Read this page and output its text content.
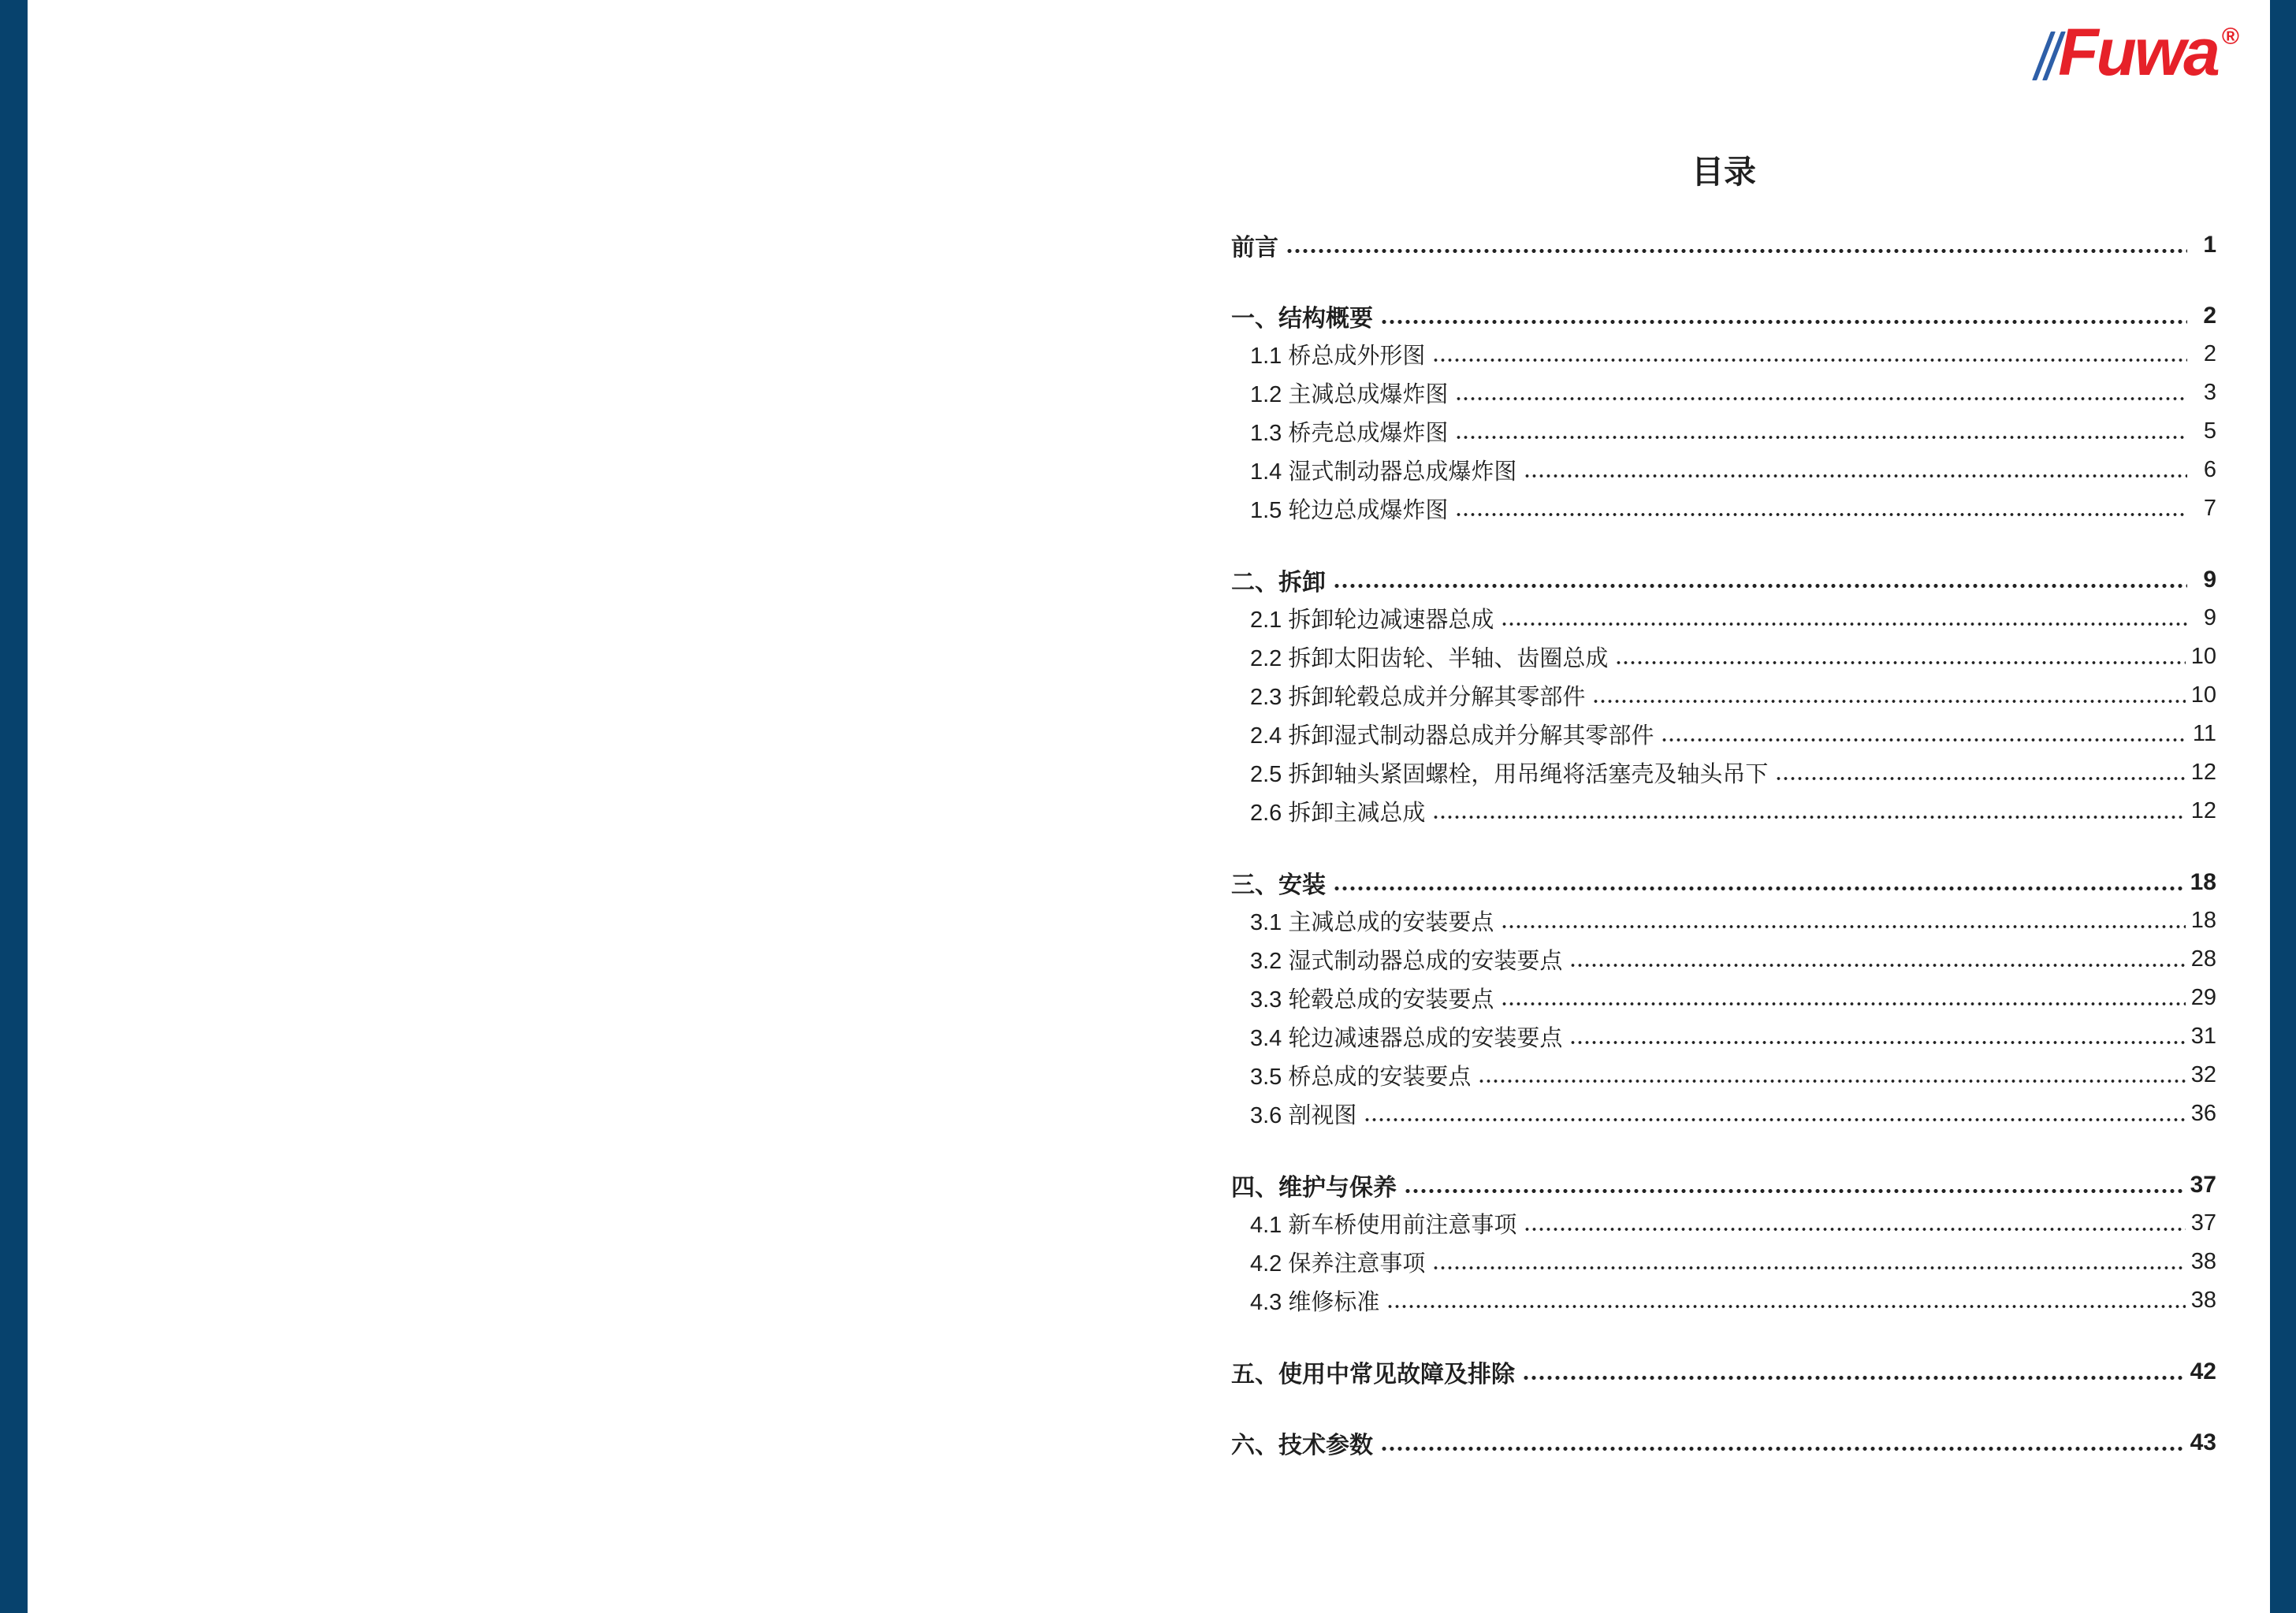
Fuwa ®
目录
前言	1
一、结构概要	2
1.1 桥总成外形图	2
1.2 主减总成爆炸图	3
1.3 桥壳总成爆炸图	5
1.4 湿式制动器总成爆炸图	6
1.5 轮边总成爆炸图	7
二、拆卸	9
2.1 拆卸轮边减速器总成	9
2.2 拆卸太阳齿轮、半轴、齿圈总成	10
2.3 拆卸轮毂总成并分解其零部件	10
2.4 拆卸湿式制动器总成并分解其零部件	11
2.5 拆卸轴头紧固螺栓，用吊绳将活塞壳及轴头吊下	12
2.6 拆卸主减总成	12
三、安装	18
3.1 主减总成的安装要点	18
3.2 湿式制动器总成的安装要点	28
3.3 轮毂总成的安装要点	29
3.4 轮边减速器总成的安装要点	31
3.5 桥总成的安装要点	32
3.6 剖视图	36
四、维护与保养	37
4.1 新车桥使用前注意事项	37
4.2 保养注意事项	38
4.3 维修标准	38
五、使用中常见故障及排除	42
六、技术参数	43
